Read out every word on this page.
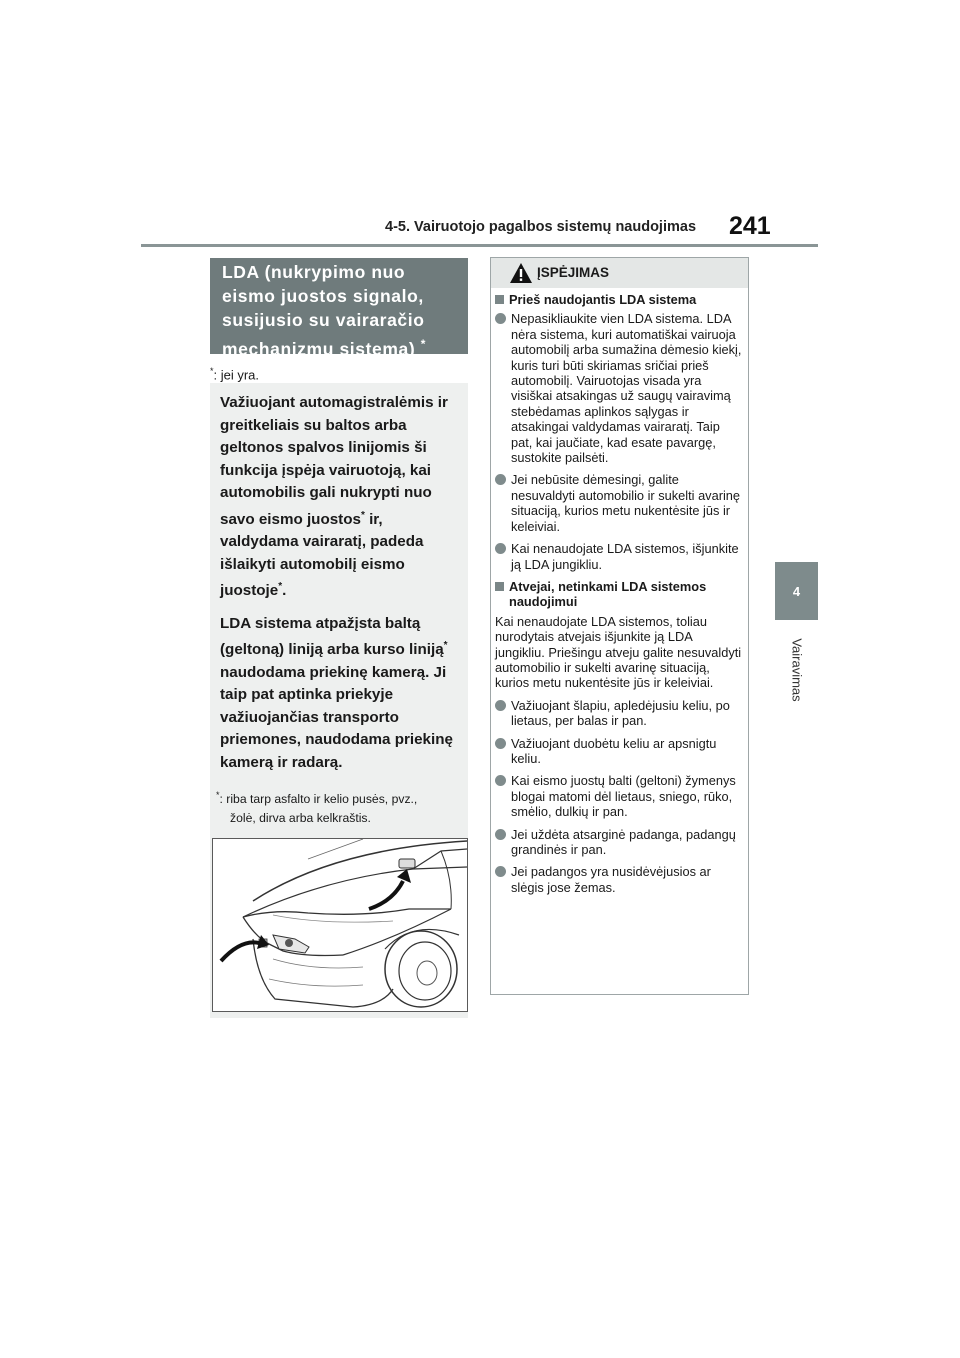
4-5. Vairuotojo pagalbos sistemų naudojimas 241
4
Vairavimas
LDA (nukrypimo nuo eismo juostos signalo, susijusio su vairaračio mechanizmu sistema) *
*: jei yra.

Važiuojant automagistralėmis ir greitkeliais su baltos arba geltonos spalvos linijomis ši funkcija įspėja vairuotoją, kai automobilis gali nukrypti nuo savo eismo juostos* ir, valdydama vairaratį, padeda išlaikyti automobilį eismo juostoje*.

LDA sistema atpažįsta baltą (geltoną) liniją arba kurso liniją* naudodama priekinę kamerą. Ji taip pat aptinka priekyje važiuojančias transporto priemones, naudodama priekinę kamerą ir radarą.

*: riba tarp asfalto ir kelio pusės, pvz.,
žolė, dirva arba kelkraštis.
ĮSPĖJIMAS
Prieš naudojantis LDA sistema
Nepasikliaukite vien LDA sistema. LDA nėra sistema, kuri automatiškai vairuoja automobilį arba sumažina dėmesio kiekį, kuris turi būti skiriamas sričiai prieš automobilį. Vairuotojas visada yra visiškai atsakingas už saugų vairavimą stebėdamas aplinkos sąlygas ir atsakingai valdydamas vairaratį. Taip pat, kai jaučiate, kad esate pavargę, sustokite pailsėti.
Jei nebūsite dėmesingi, galite nesuvaldyti automobilio ir sukelti avarinę situaciją, kurios metu nukentėsite jūs ir keleiviai.
Kai nenaudojate LDA sistemos, išjunkite ją LDA jungikliu.
Atvejai, netinkami LDA sistemos naudojimui
Kai nenaudojate LDA sistemos, toliau nurodytais atvejais išjunkite ją LDA jungikliu. Priešingu atveju galite nesuvaldyti automobilio ir sukelti avarinę situaciją, kurios metu nukentėsite jūs ir keleiviai.
Važiuojant šlapiu, apledėjusiu keliu, po lietaus, per balas ir pan.
Važiuojant duobėtu keliu ar apsnigtu keliu.
Kai eismo juostų balti (geltoni) žymenys blogai matomi dėl lietaus, sniego, rūko, smėlio, dulkių ir pan.
Jei uždėta atsarginė padanga, padangų grandinės ir pan.
Jei padangos yra nusidėvėjusios ar slėgis jose žemas.
